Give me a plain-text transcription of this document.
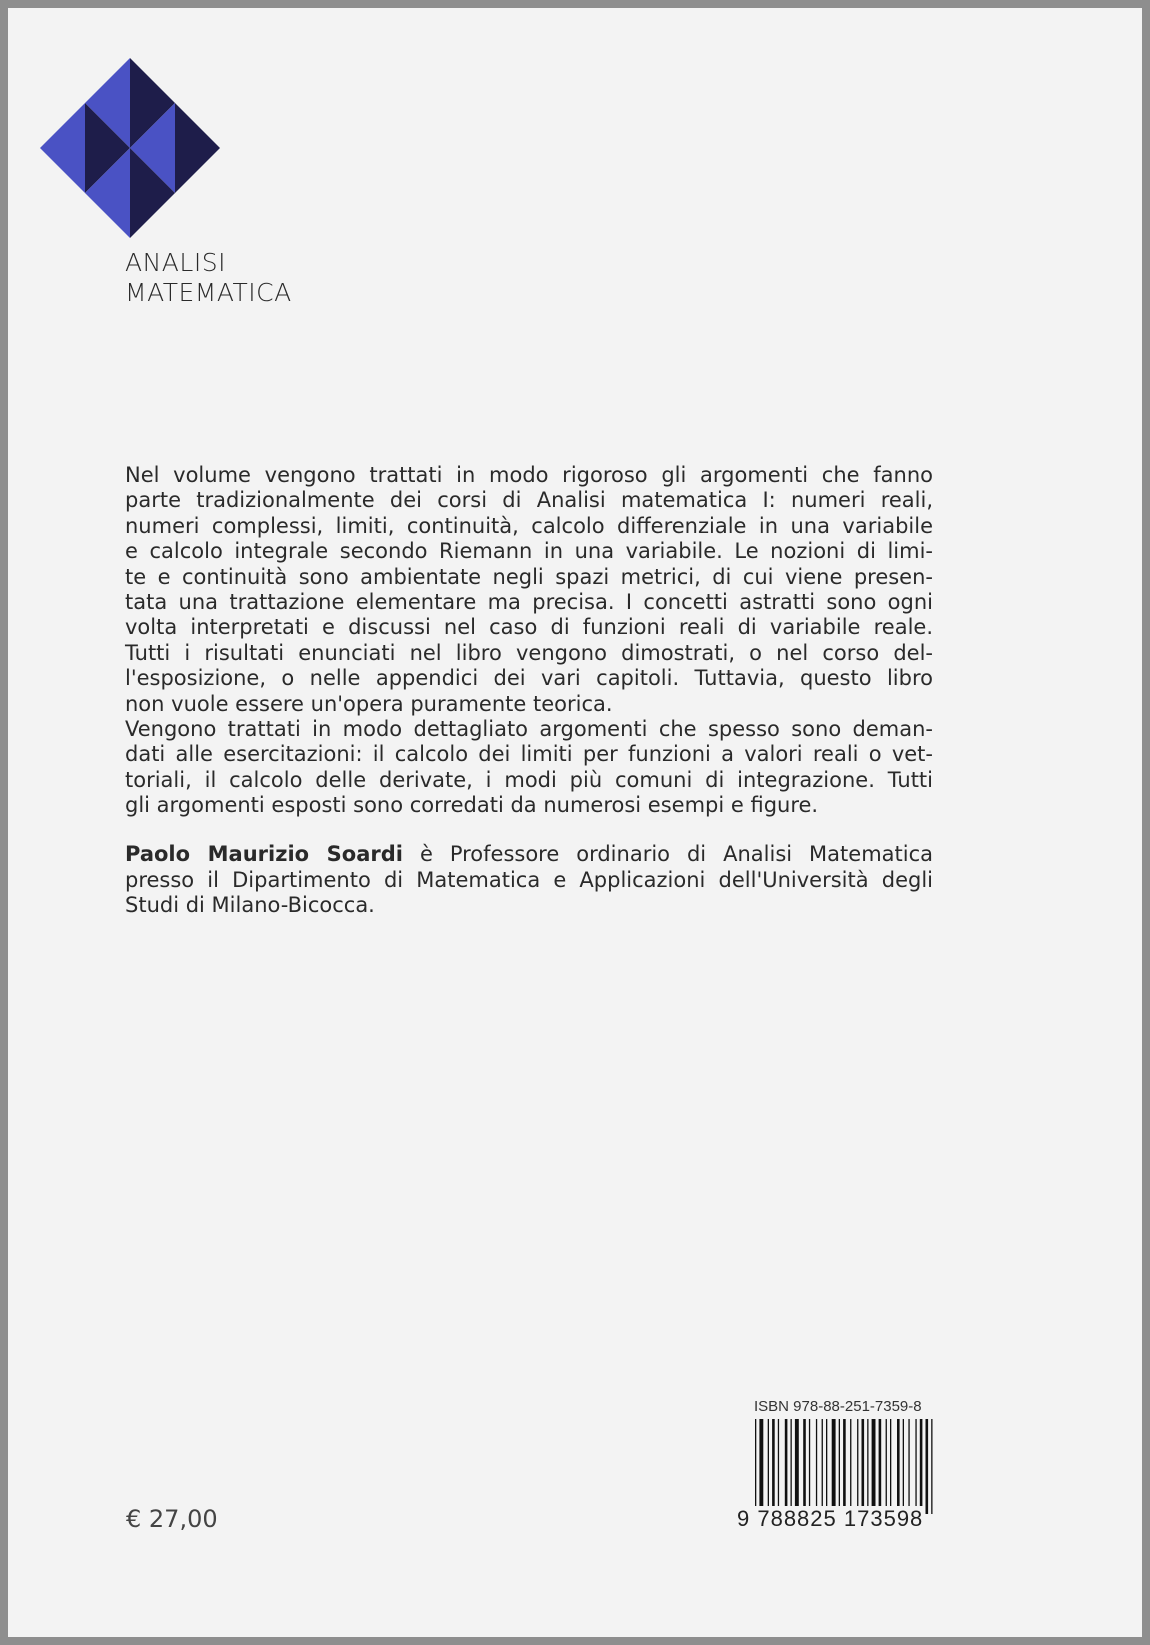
ANALISI
MATEMATICA
Nel volume vengono trattati in modo rigoroso gli argomenti che fanno
parte tradizionalmente dei corsi di Analisi matematica I: numeri reali,
numeri complessi, limiti, continuità, calcolo differenziale in una variabile
e calcolo integrale secondo Riemann in una variabile. Le nozioni di limi-
te e continuità sono ambientate negli spazi metrici, di cui viene presen-
tata una trattazione elementare ma precisa. I concetti astratti sono ogni
volta interpretati e discussi nel caso di funzioni reali di variabile reale.
Tutti i risultati enunciati nel libro vengono dimostrati, o nel corso del-
l'esposizione, o nelle appendici dei vari capitoli. Tuttavia, questo libro
non vuole essere un'opera puramente teorica.
Vengono trattati in modo dettagliato argomenti che spesso sono deman-
dati alle esercitazioni: il calcolo dei limiti per funzioni a valori reali o vet-
toriali, il calcolo delle derivate, i modi più comuni di integrazione. Tutti
gli argomenti esposti sono corredati da numerosi esempi e figure.
Paolo Maurizio Soardi è Professore ordinario di Analisi Matematica
presso il Dipartimento di Matematica e Applicazioni dell'Università degli
Studi di Milano-Bicocca.
ISBN 978-88-251-7359-8
9 788825 173598
€ 27,00
